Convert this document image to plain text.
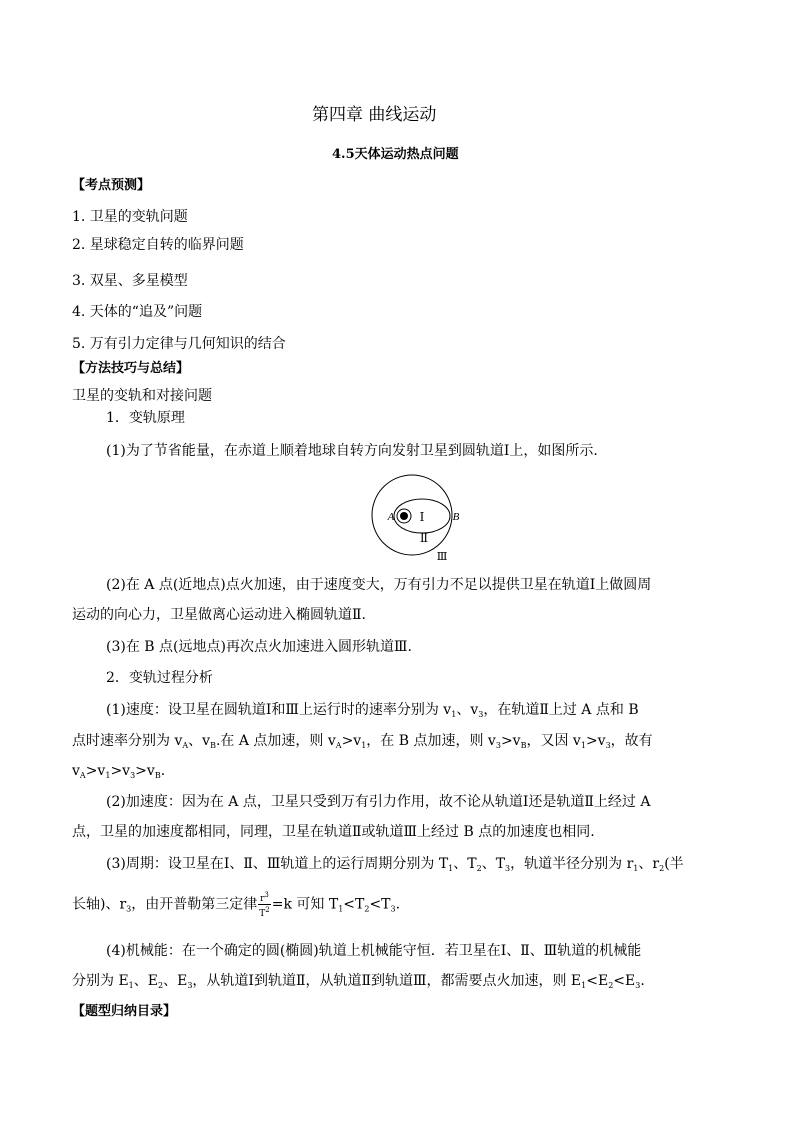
第四章 曲线运动
4.5天体运动热点问题
【考点预测】
1. 卫星的变轨问题
2. 星球稳定自转的临界问题
3. 双星、多星模型
4. 天体的“追及”问题
5. 万有引力定律与几何知识的结合
【方法技巧与总结】
卫星的变轨和对接问题
1．变轨原理
(1)为了节省能量，在赤道上顺着地球自转方向发射卫星到圆轨道Ⅰ上，如图所示.
A Ⅰ	B
Ⅱ
Ⅲ
(2)在 A 点(近地点)点火加速，由于速度变大，万有引力不足以提供卫星在轨道Ⅰ上做圆周
运动的向心力，卫星做离心运动进入椭圆轨道Ⅱ.
(3)在 B 点(远地点)再次点火加速进入圆形轨道Ⅲ.
2．变轨过程分析
(1)速度：设卫星在圆轨道Ⅰ和Ⅲ上运行时的速率分别为 $v_1$、$v_3$，在轨道Ⅱ上过 A 点和 B
点时速率分别为 $v_A$、$v_B$.在 A 点加速，则 $v_A>v_1$，在 B 点加速，则 $v_3>v_B$，又因 $v_1>v_3$，故有
$v_A>v_1>v_3>v_B$.
(2)加速度：因为在 A 点，卫星只受到万有引力作用，故不论从轨道Ⅰ还是轨道Ⅱ上经过 A
点，卫星的加速度都相同，同理，卫星在轨道Ⅱ或轨道Ⅲ上经过 B 点的加速度也相同.
(3)周期：设卫星在Ⅰ、Ⅱ、Ⅲ轨道上的运行周期分别为 $T_1$、$T_2$、$T_3$，轨道半径分别为 $r_1$、$r_2$(半
长轴)、$r_3$，由开普勒第三定律 $\frac{r^3}{T^2} =k$ 可知 $T_1<T_2<T_3$.
(4)机械能：在一个确定的圆(椭圆)轨道上机械能守恒．若卫星在Ⅰ、Ⅱ、Ⅲ轨道的机械能
分别为 $E_1$、$E_2$、$E_3$，从轨道Ⅰ到轨道Ⅱ，从轨道Ⅱ到轨道Ⅲ，都需要点火加速，则 $E_1<E_2<E_3$.
【题型归纳目录】
